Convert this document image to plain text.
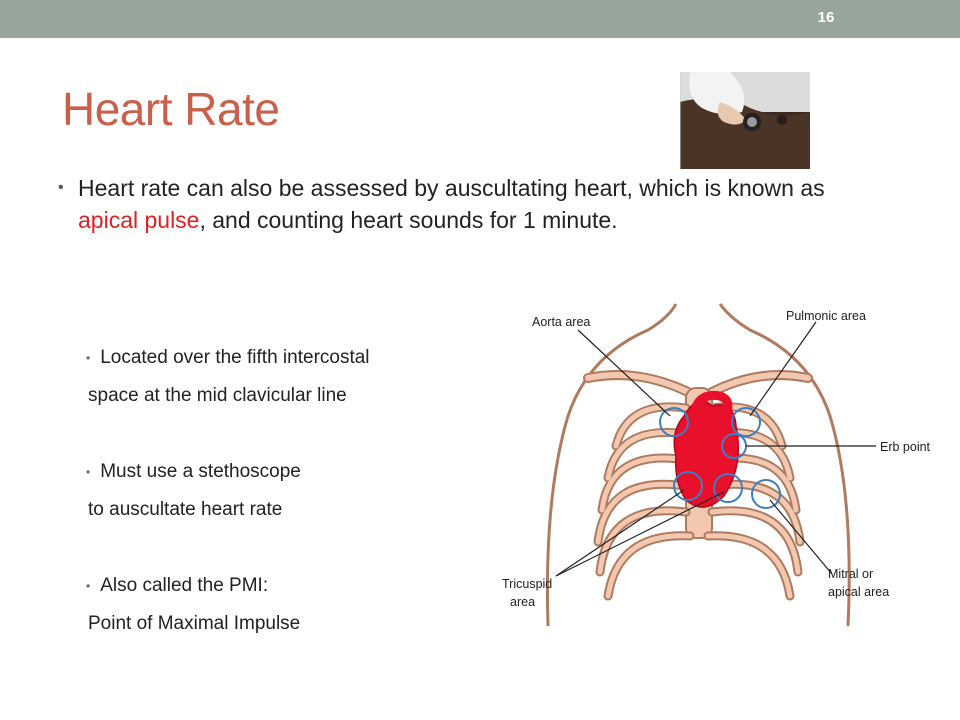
16
Heart Rate
• Heart rate can also be assessed by auscultating heart, which is known as apical pulse, and counting heart sounds for 1 minute.
• Located over the fifth intercostal
space at the mid clavicular line
• Must use a stethoscope
to auscultate heart rate
• Also called the PMI:
Point of Maximal Impulse
Aorta area	Pulmonic area
Erb point
Tricuspid
area
Mitral or
apical area
